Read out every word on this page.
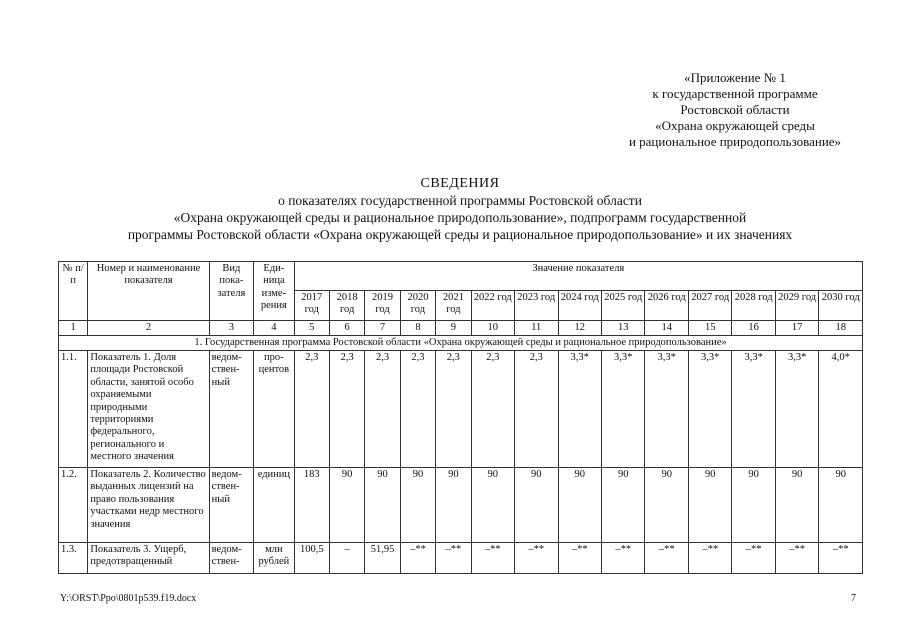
«Приложение № 1
к государственной программе
Ростовской области
«Охрана окружающей среды
и рациональное природопользование»
СВЕДЕНИЯ
о показателях государственной программы Ростовской области
«Охрана окружающей среды и рациональное природопользование», подпрограмм государственной
программы Ростовской области «Охрана окружающей среды и рациональное природопользование» и их значениях
№ п/п	Номер и наименование показателя	Вид пока-зателя	Еди-ница изме-рения	Значение показателя													
				2017 год	2018 год	2019 год	2020 год	2021 год	2022 год	2023 год	2024 год	2025 год	2026 год	2027 год	2028 год	2029 год	2030 год
1	2	3	4	5	6	7	8	9	10	11	12	13	14	15	16	17	18
1. Государственная программа Ростовской области «Охрана окружающей среды и рациональное природопользование»																	
1.1.	Показатель 1. Доля площади Ростовской области, занятой особо охраняемыми природными территориями федерального, регионального и местного значения	ведом-ствен-ный	про-центов	2,3	2,3	2,3	2,3	2,3	2,3	2,3	3,3*	3,3*	3,3*	3,3*	3,3*	3,3*	4,0*
1.2.	Показатель 2. Количество выданных лицензий на право пользования участками недр местного значения	ведом-ствен-ный	единиц	183	90	90	90	90	90	90	90	90	90	90	90	90	90
1.3.	Показатель 3. Ущерб, предотвращенный	ведом-ствен-	млн рублей	100,5	–	51,95	–**	–**	–**	–**	–**	–**	–**	–**	–**	–**	–**
Y:\ORST\Ppo\0801p539.f19.docx	7
